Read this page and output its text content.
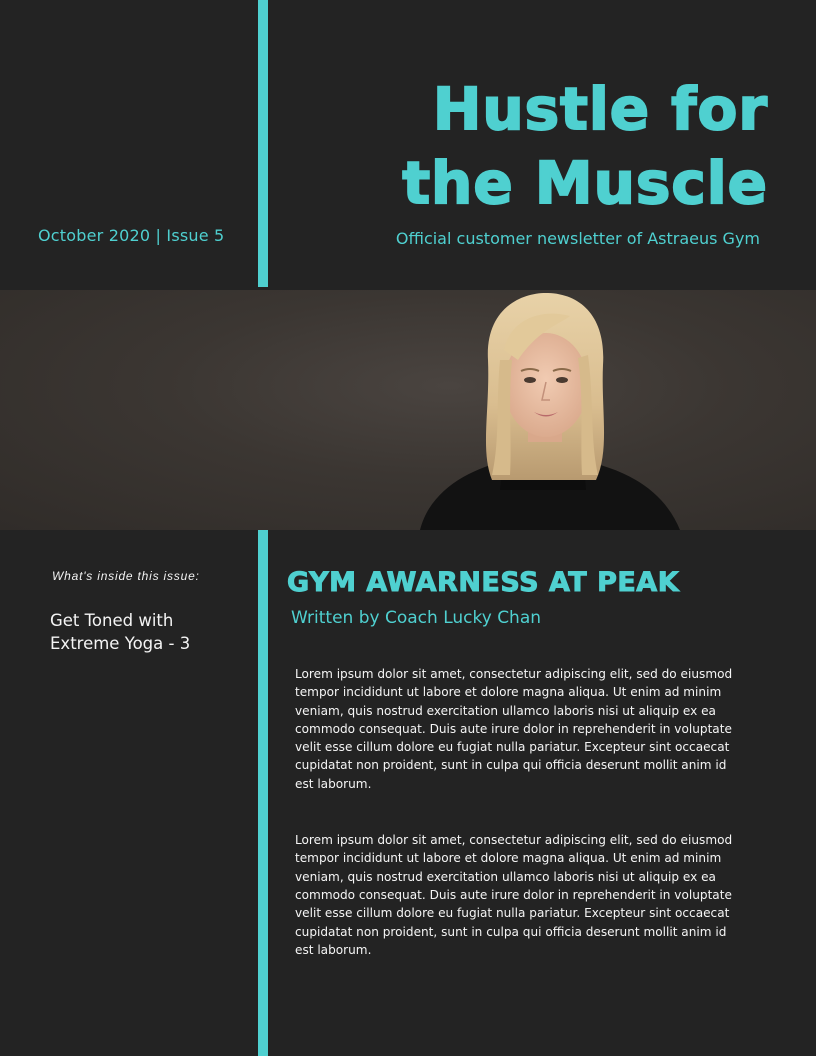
October 2020 | Issue 5
Hustle for
the Muscle
Official customer newsletter of Astraeus Gym
What's inside this issue:
Get Toned with Extreme Yoga - 3
GYM AWARNESS AT PEAK
Written by Coach Lucky Chan

Lorem ipsum dolor sit amet, consectetur adipiscing elit, sed do eiusmod tempor incididunt ut labore et dolore magna aliqua. Ut enim ad minim veniam, quis nostrud exercitation ullamco laboris nisi ut aliquip ex ea commodo consequat. Duis aute irure dolor in reprehenderit in voluptate velit esse cillum dolore eu fugiat nulla pariatur. Excepteur sint occaecat cupidatat non proident, sunt in culpa qui officia deserunt mollit anim id est laborum.

Lorem ipsum dolor sit amet, consectetur adipiscing elit, sed do eiusmod tempor incididunt ut labore et dolore magna aliqua. Ut enim ad minim veniam, quis nostrud exercitation ullamco laboris nisi ut aliquip ex ea commodo consequat. Duis aute irure dolor in reprehenderit in voluptate velit esse cillum dolore eu fugiat nulla pariatur. Excepteur sint occaecat cupidatat non proident, sunt in culpa qui officia deserunt mollit anim id est laborum.
